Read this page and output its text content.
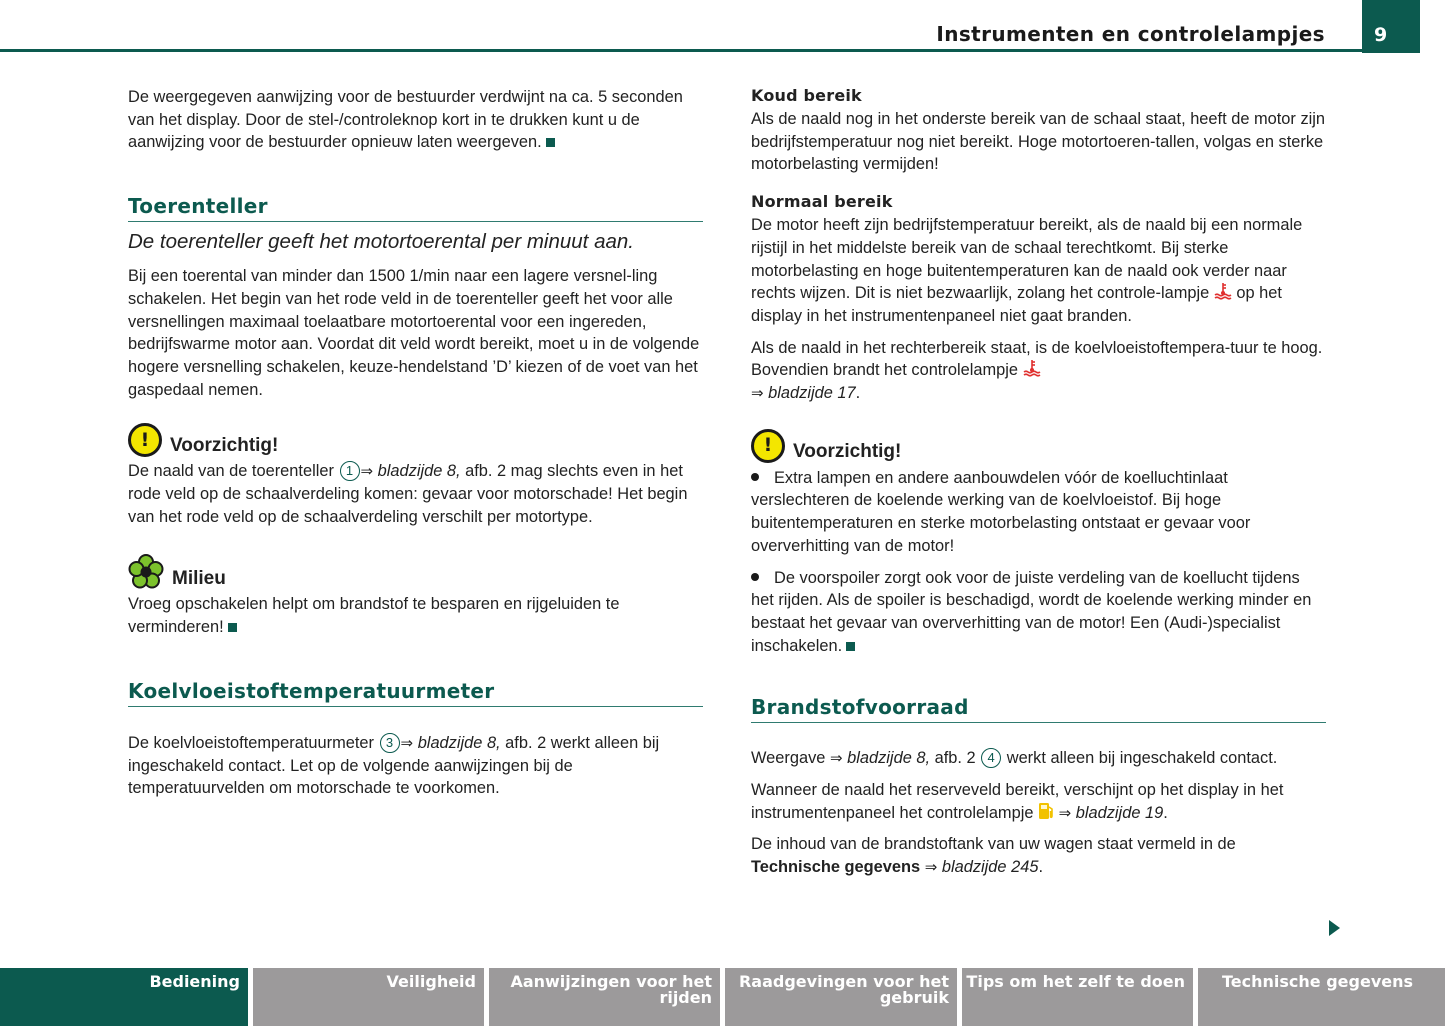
Instrumenten en controlelampjes	9

De weergegeven aanwijzing voor de bestuurder verdwijnt na ca. 5 seconden van het display. Door de stel-/controleknop kort in te drukken kunt u de aanwijzing voor de bestuurder opnieuw laten weergeven.

Toerenteller
De toerenteller geeft het motortoerental per minuut aan.

Bij een toerental van minder dan 1500 1/min naar een lagere versnel-ling schakelen. Het begin van het rode veld in de toerenteller geeft het voor alle versnellingen maximaal toelaatbare motortoerental voor een ingereden, bedrijfswarme motor aan. Voordat dit veld wordt bereikt, moet u in de volgende hogere versnelling schakelen, keuze-hendelstand ’D’ kiezen of de voet van het gaspedaal nemen.

!	Voorzichtig!

De naald van de toerenteller 1 ⇒ bladzijde 8, afb. 2 mag slechts even in het rode veld op de schaalverdeling komen: gevaar voor motorschade! Het begin van het rode veld op de schaalverdeling verschilt per motortype.

Milieu

Vroeg opschakelen helpt om brandstof te besparen en rijgeluiden te verminderen!

Koelvloeistoftemperatuurmeter

De koelvloeistoftemperatuurmeter 3 ⇒ bladzijde 8, afb. 2 werkt alleen bij ingeschakeld contact. Let op de volgende aanwijzingen bij de temperatuurvelden om motorschade te voorkomen.

Koud bereik

Als de naald nog in het onderste bereik van de schaal staat, heeft de motor zijn bedrijfstemperatuur nog niet bereikt. Hoge motortoeren-tallen, volgas en sterke motorbelasting vermijden!

Normaal bereik

De motor heeft zijn bedrijfstemperatuur bereikt, als de naald bij een normale rijstijl in het middelste bereik van de schaal terechtkomt. Bij sterke motorbelasting en hoge buitentemperaturen kan de naald ook verder naar rechts wijzen. Dit is niet bezwaarlijk, zolang het controle-lampje op het display in het instrumentenpaneel niet gaat branden.

Als de naald in het rechterbereik staat, is de koelvloeistoftempera-tuur te hoog. Bovendien brandt het controlelampje
⇒ bladzijde 17.

!	Voorzichtig!

Extra lampen en andere aanbouwdelen vóór de koelluchtinlaat verslechteren de koelende werking van de koelvloeistof. Bij hoge buitentemperaturen en sterke motorbelasting ontstaat er gevaar voor oververhitting van de motor!

De voorspoiler zorgt ook voor de juiste verdeling van de koellucht tijdens het rijden. Als de spoiler is beschadigd, wordt de koelende werking minder en bestaat het gevaar van oververhitting van de motor! Een (Audi-)specialist inschakelen.

Brandstofvoorraad

Weergave ⇒ bladzijde 8, afb. 2 4 werkt alleen bij ingeschakeld contact.

Wanneer de naald het reserveveld bereikt, verschijnt op het display in het instrumentenpaneel het controlelampje ⇒ bladzijde 19.

De inhoud van de brandstoftank van uw wagen staat vermeld in de
Technische gegevens ⇒ bladzijde 245.

Bediening	Veiligheid	Aanwijzingen voor het rijden
Raadgevingen voor het gebruik
Tips om het zelf te doen	Technische gegevens
